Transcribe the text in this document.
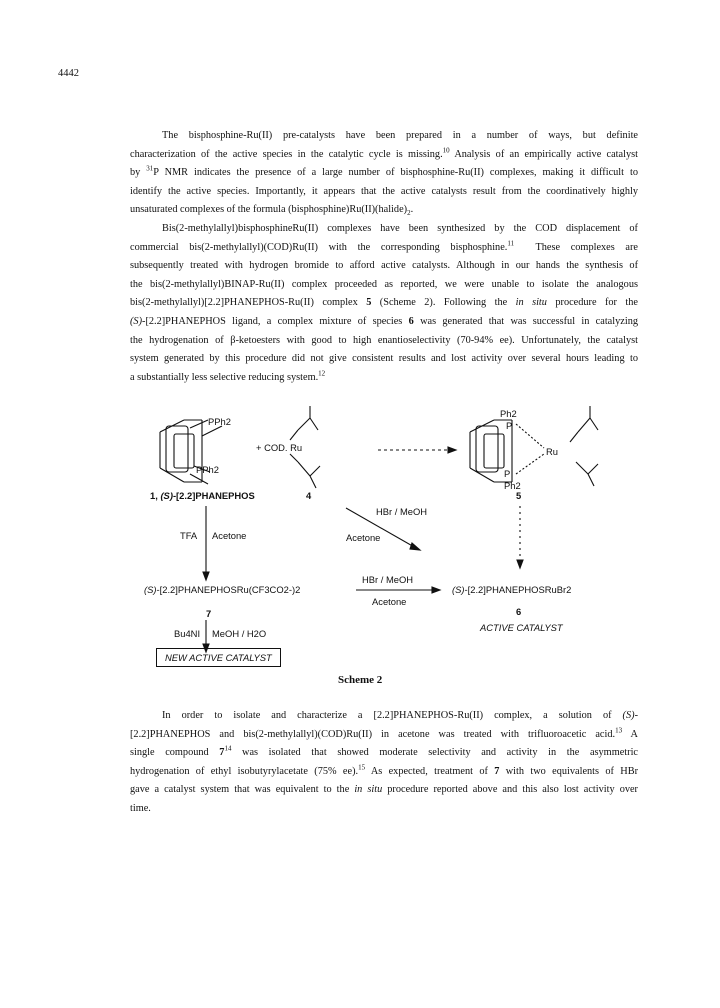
4442
The bisphosphine-Ru(II) pre-catalysts have been prepared in a number of ways, but definite
characterization of the active species in the catalytic cycle is missing.$^{10}$ Analysis of an empirically active catalyst
by $^{31}$P NMR indicates the presence of a large number of bisphosphine-Ru(II) complexes, making it difficult to
identify the active species. Importantly, it appears that the active catalysts result from the coordinatively highly
unsaturated complexes of the formula $(bisphosphine)Ru(II)(halide)_2$.
Bis(2-methylallyl)bisphosphineRu(II) complexes have been synthesized by the COD displacement of
commercial bis(2-methylallyl)(COD)Ru(II) with the corresponding bisphosphine.$^{11}$ These complexes are
subsequently treated with hydrogen bromide to afford active catalysts. Although in our hands the synthesis of
the bis(2-methylallyl)BINAP-Ru(II) complex proceeded as reported, we were unable to isolate the analogous
bis(2-methylallyl)[2.2]PHANEPHOS-Ru(II) complex 5 (Scheme 2). Following the in situ procedure for the
(S)-[2.2]PHANEPHOS ligand, a complex mixture of species 6 was generated that was successful in catalyzing
the hydrogenation of β-ketoesters with good to high enantioselectivity (70-94% ee). Unfortunately, the catalyst
system generated by this procedure did not give consistent results and lost activity over several hours leading to
a substantially less selective reducing system.$^{12}$
PPh2
PPh2
+ COD. Ru
1, (S)-[2.2]PHANEPHOS	4
Ph2
P
P
Ph2
Ru
5
HBr / MeOH
Acetone
TFA Acetone
(S)-[2.2]PHANEPHOSRu(CF3CO2-)2
HBr / MeOH
Acetone
(S)-[2.2]PHANEPHOSRuBr2
7	6
ACTIVE CATALYST
Bu4NI MeOH / H2O
NEW ACTIVE CATALYST
Scheme 2
In order to isolate and characterize a [2.2]PHANEPHOS-Ru(II) complex, a solution of (S)-
[2.2]PHANEPHOS and bis(2-methylallyl)(COD)Ru(II) in acetone was treated with trifluoroacetic acid.$^{13}$ A
single compound $7^{14}$ was isolated that showed moderate selectivity and activity in the asymmetric
hydrogenation of ethyl isobutyrylacetate (75% ee).$^{15}$ As expected, treatment of 7 with two equivalents of HBr
gave a catalyst system that was equivalent to the in situ procedure reported above and this also lost activity over
time.
